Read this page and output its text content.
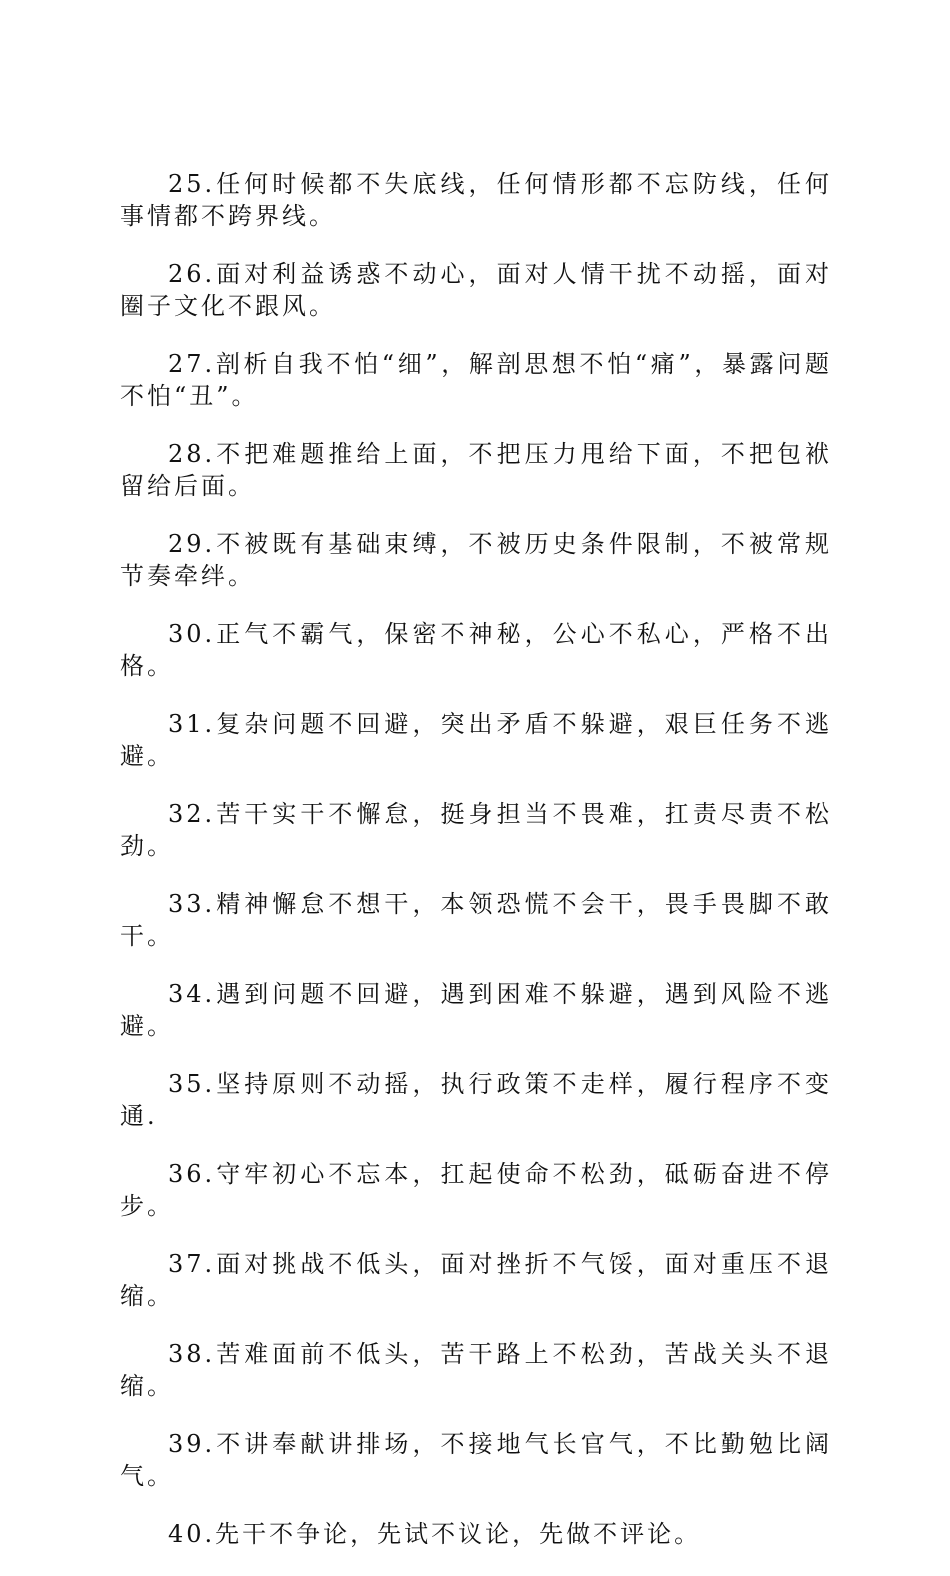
25.任何时候都不失底线，任何情形都不忘防线，任何事情都不跨界线。

26.面对利益诱惑不动心，面对人情干扰不动摇，面对圈子文化不跟风。

27.剖析自我不怕“细”，解剖思想不怕“痛”，暴露问题不怕“丑”。

28.不把难题推给上面，不把压力甩给下面，不把包袱留给后面。

29.不被既有基础束缚，不被历史条件限制，不被常规节奏牵绊。

30.正气不霸气，保密不神秘，公心不私心，严格不出格。

31.复杂问题不回避，突出矛盾不躲避，艰巨任务不逃避。

32.苦干实干不懈怠，挺身担当不畏难，扛责尽责不松劲。

33.精神懈怠不想干，本领恐慌不会干，畏手畏脚不敢干。

34.遇到问题不回避，遇到困难不躲避，遇到风险不逃避。

35.坚持原则不动摇，执行政策不走样，履行程序不变通.

36.守牢初心不忘本，扛起使命不松劲，砥砺奋进不停步。

37.面对挑战不低头，面对挫折不气馁，面对重压不退缩。

38.苦难面前不低头，苦干路上不松劲，苦战关头不退缩。

39.不讲奉献讲排场，不接地气长官气，不比勤勉比阔气。

40.先干不争论，先试不议论，先做不评论。
